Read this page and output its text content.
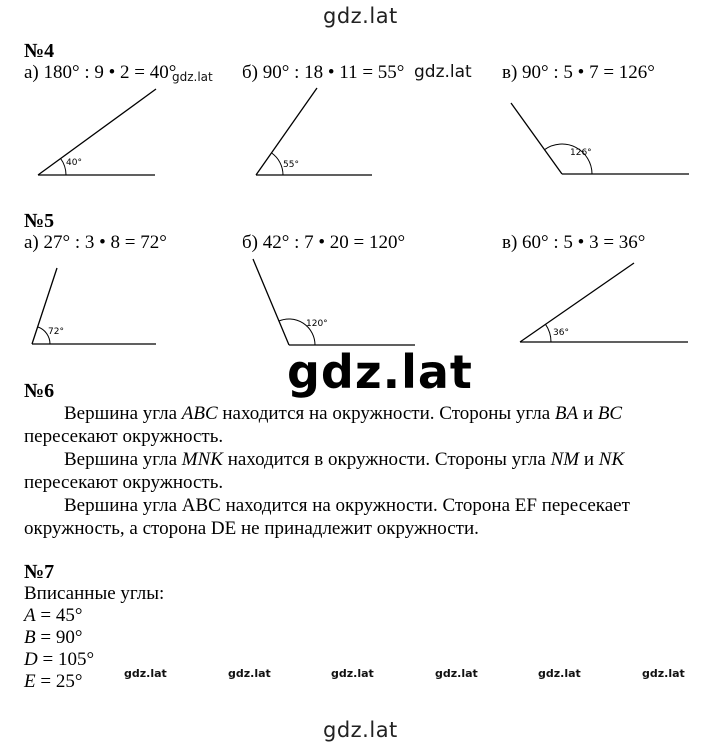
gdz.lat
№4
а) 180° : 9 • 2 = 40°
gdz.lat б) 90° : 18 • 11 = 55° gdz.lat в) 90° : 5 • 7 = 126°
№5
а) 27° : 3 • 8 = 72°	б) 42° : 7 • 20 = 120°	в) 60° : 5 • 3 = 36°
40°	55°
126°
72°
120°
36°
gdz.lat
№6
Вершина угла ABC находится на окружности. Стороны угла BA и BC
пересекают окружность.
Вершина угла MNK находится в окружности. Стороны угла NM и NK
пересекают окружность.
Вершина угла ABC находится на окружности. Сторона EF пересекает
окружность, а сторона DE не принадлежит окружности.
№7
Вписанные углы:
A = 45°
B = 90°
D = 105°
E = 25°	gdz.lat	gdz.lat	gdz.lat	gdz.lat	gdz.lat	gdz.lat
gdz.lat
